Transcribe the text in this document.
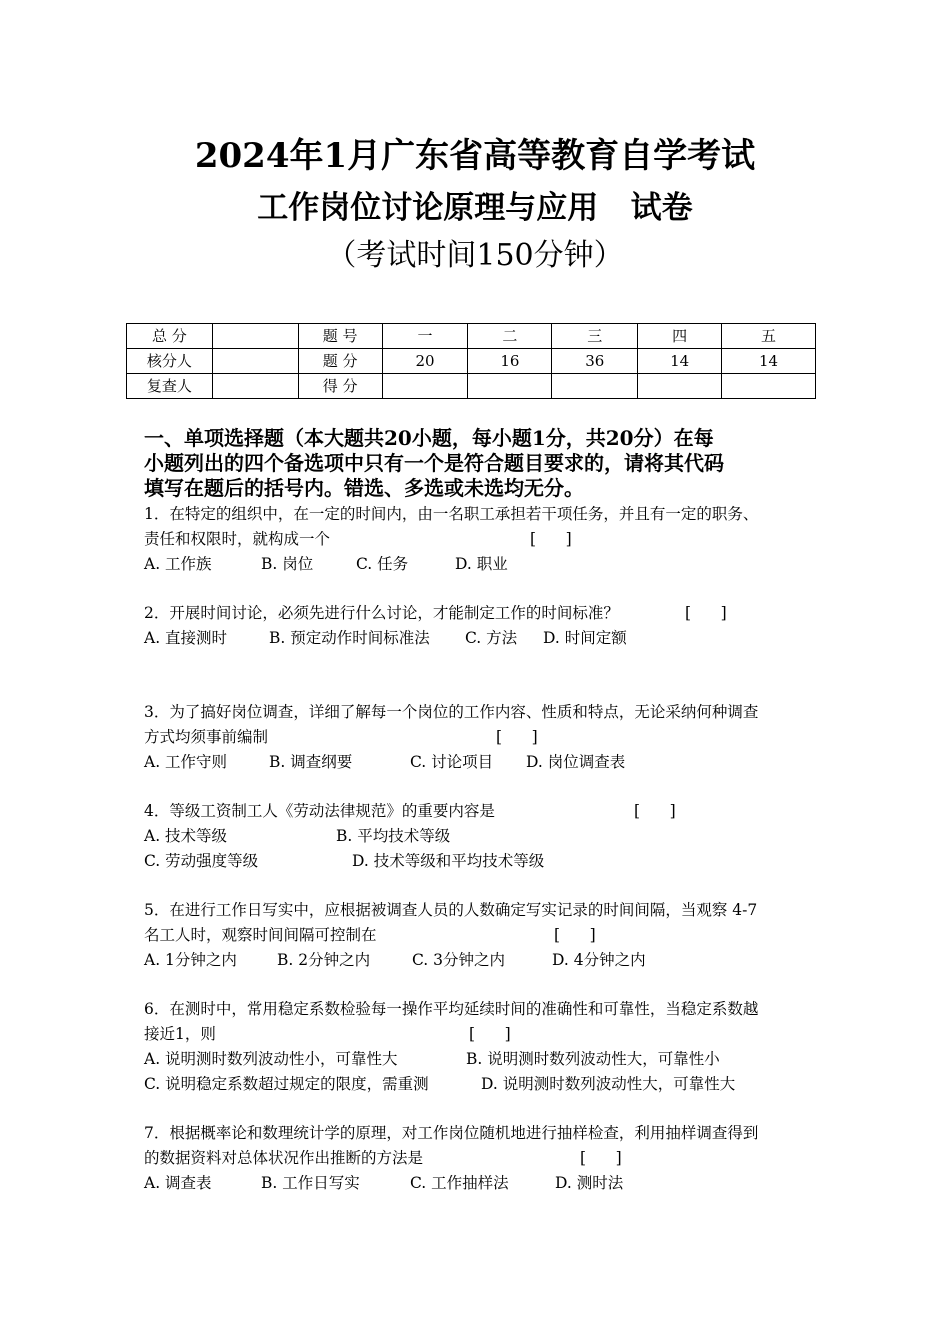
2024年1月广东省高等教育自学考试
工作岗位讨论原理与应用   试卷
（考试时间150分钟）
总 分		题 号	一	二	三	四	五
核分人		题 分	20	16	36	14	14
复查人		得 分					
一、单项选择题（本大题共20小题，每小题1分，共20分）在每
小题列出的四个备选项中只有一个是符合题目要求的，请将其代码
填写在题后的括号内。错选、多选或未选均无分。

1．在特定的组织中，在一定的时间内，由一名职工承担若干项任务，并且有一定的职务、

责任和权限时，就构成一个	[      ]
A. 工作族	B. 岗位	C. 任务	D. 职业

2．开展时间讨论，必须先进行什么讨论，才能制定工作的时间标准？	[      ]
A. 直接测时	B. 预定动作时间标准法 C. 方法 D. 时间定额

3．为了搞好岗位调查，详细了解每一个岗位的工作内容、性质和特点，无论采纳何种调查

方式均须事前编制	[      ]
A. 工作守则	B. 调查纲要	C. 讨论项目 D. 岗位调查表

4．等级工资制工人《劳动法律规范》的重要内容是	[      ]
A. 技术等级	B. 平均技术等级
C. 劳动强度等级	D. 技术等级和平均技术等级

5．在进行工作日写实中，应根据被调查人员的人数确定写实记录的时间间隔，当观察 4-7

名工人时，观察时间间隔可控制在	[      ]
A. 1分钟之内	B. 2分钟之内	C. 3分钟之内	D. 4分钟之内

6．在测时中，常用稳定系数检验每一操作平均延续时间的准确性和可靠性，当稳定系数越

接近1，则	[      ]
A. 说明测时数列波动性小，可靠性大	B. 说明测时数列波动性大，可靠性小
C. 说明稳定系数超过规定的限度，需重测	D. 说明测时数列波动性大，可靠性大

7．根据概率论和数理统计学的原理，对工作岗位随机地进行抽样检查，利用抽样调查得到

的数据资料对总体状况作出推断的方法是	[      ]
A. 调查表	B. 工作日写实	C. 工作抽样法	D. 测时法
